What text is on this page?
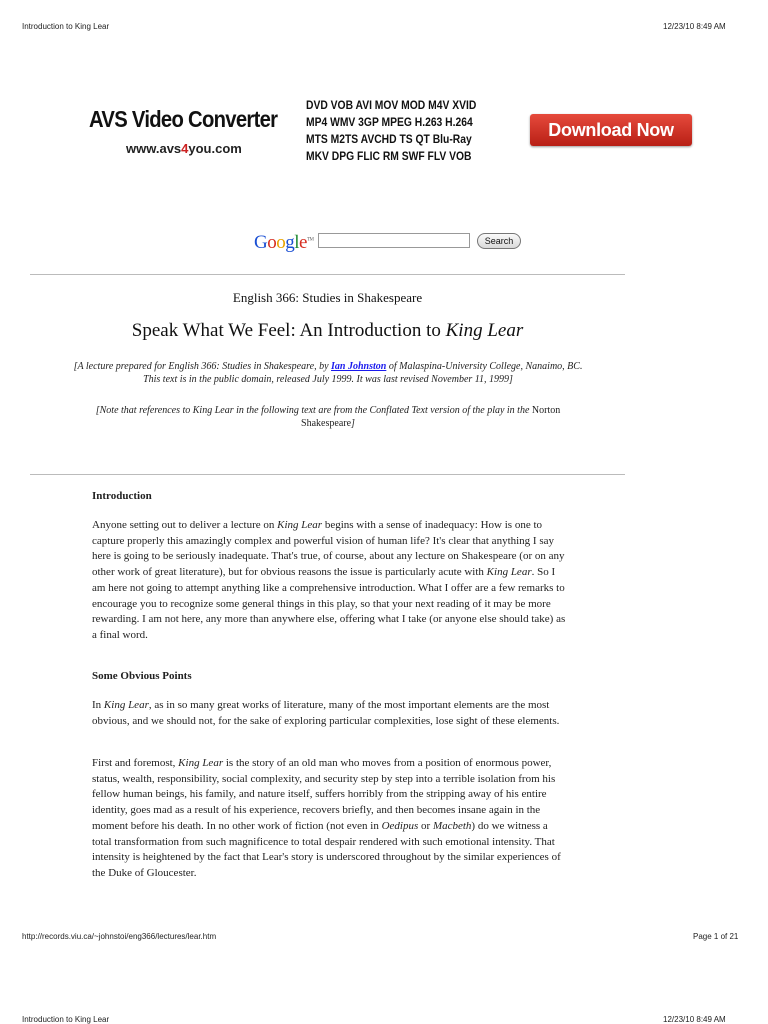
Introduction to King Lear	12/23/10 8:49 AM
AVS Video Converter
www.avs4you.com
DVD VOB AVI MOV MOD M4V XVID
MP4 WMV 3GP MPEG H.263 H.264
MTS M2TS AVCHD TS QT Blu-Ray
MKV DPG FLIC RM SWF FLV VOB
Download Now
Google™	Search
English 366: Studies in Shakespeare
Speak What We Feel: An Introduction to King Lear
[A lecture prepared for English 366: Studies in Shakespeare, by Ian Johnston of Malaspina-University College, Nanaimo, BC.
This text is in the public domain, released July 1999. It was last revised November 11, 1999]
[Note that references to King Lear in the following text are from the Conflated Text version of the play in the Norton
Shakespeare]
Introduction

Anyone setting out to deliver a lecture on King Lear begins with a sense of inadequacy: How is one to capture properly this amazingly complex and powerful vision of human life? It's clear that anything I say here is going to be seriously inadequate. That's true, of course, about any lecture on Shakespeare (or on any other work of great literature), but for obvious reasons the issue is particularly acute with King Lear. So I am here not going to attempt anything like a comprehensive introduction. What I offer are a few remarks to encourage you to recognize some general things in this play, so that your next reading of it may be more rewarding. I am not here, any more than anywhere else, offering what I take (or anyone else should take) as a final word.

Some Obvious Points

In King Lear, as in so many great works of literature, many of the most important elements are the most obvious, and we should not, for the sake of exploring particular complexities, lose sight of these elements.

First and foremost, King Lear is the story of an old man who moves from a position of enormous power, status, wealth, responsibility, social complexity, and security step by step into a terrible isolation from his fellow human beings, his family, and nature itself, suffers horribly from the stripping away of his entire identity, goes mad as a result of his experience, recovers briefly, and then becomes insane again in the moment before his death. In no other work of fiction (not even in Oedipus or Macbeth) do we witness a total transformation from such magnificence to total despair rendered with such emotional intensity. That intensity is heightened by the fact that Lear's story is underscored throughout by the similar experiences of the Duke of Gloucester.

http://records.viu.ca/~johnstoi/eng366/lectures/lear.htm	Page 1 of 21
Introduction to King Lear	12/23/10 8:49 AM
